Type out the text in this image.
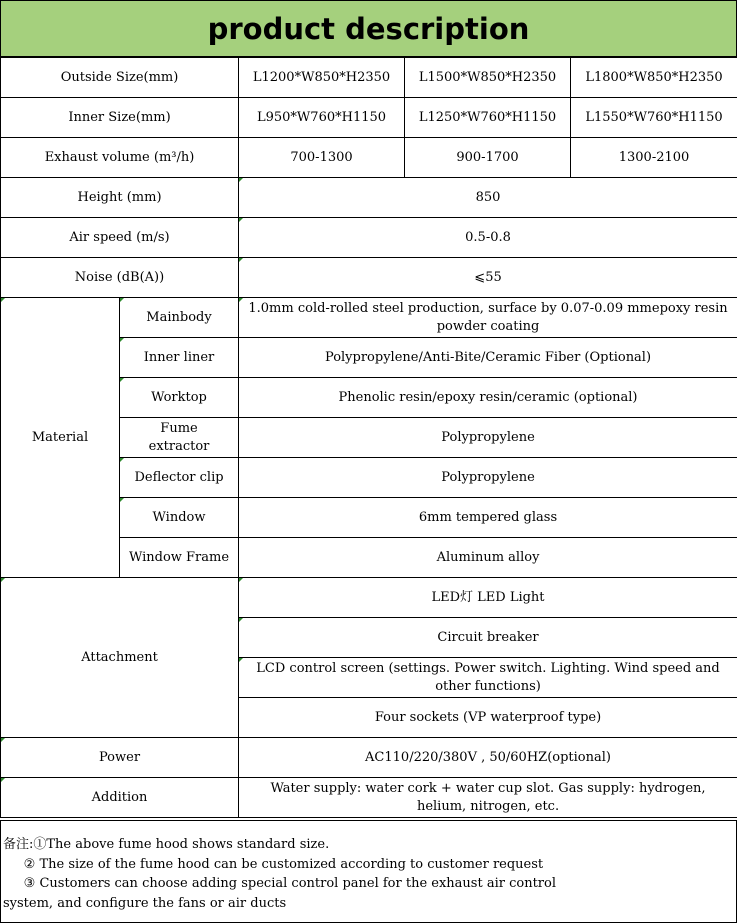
product description
Outside Size(mm)		L1200*W850*H2350	L1500*W850*H2350	L1800*W850*H2350
Inner Size(mm)		L950*W760*H1150	L1250*W760*H1150	L1550*W760*H1150
Exhaust volume (m³/h)		700-1300	900-1700	1300-2100
Height (mm)		850		
Air speed (m/s)		0.5-0.8		
Noise (dB(A))		⩽55		
Material	Mainbody	1.0mm cold-rolled steel production, surface by 0.07-0.09 mmepoxy resin powder coating		
	Inner liner	Polypropylene/Anti-Bite/Ceramic Fiber (Optional)		
	Worktop	Phenolic resin/epoxy resin/ceramic (optional)		
	Fume extractor	Polypropylene		
	Deflector clip	Polypropylene		
	Window	6mm tempered glass		
	Window Frame	Aluminum alloy		
Attachment		LED灯 LED Light		
		Circuit breaker		
		LCD control screen (settings. Power switch. Lighting. Wind speed and other functions)		
		Four sockets (VP waterproof type)		
Power		AC110/220/380V , 50/60HZ(optional)		
Addition		Water supply: water cork + water cup slot. Gas supply: hydrogen, helium, nitrogen, etc.		
备注:①The above fume hood shows standard size.
② The size of the fume hood can be customized according to customer request
③ Customers can choose adding special control panel for the exhaust air control
system, and configure the fans or air ducts
